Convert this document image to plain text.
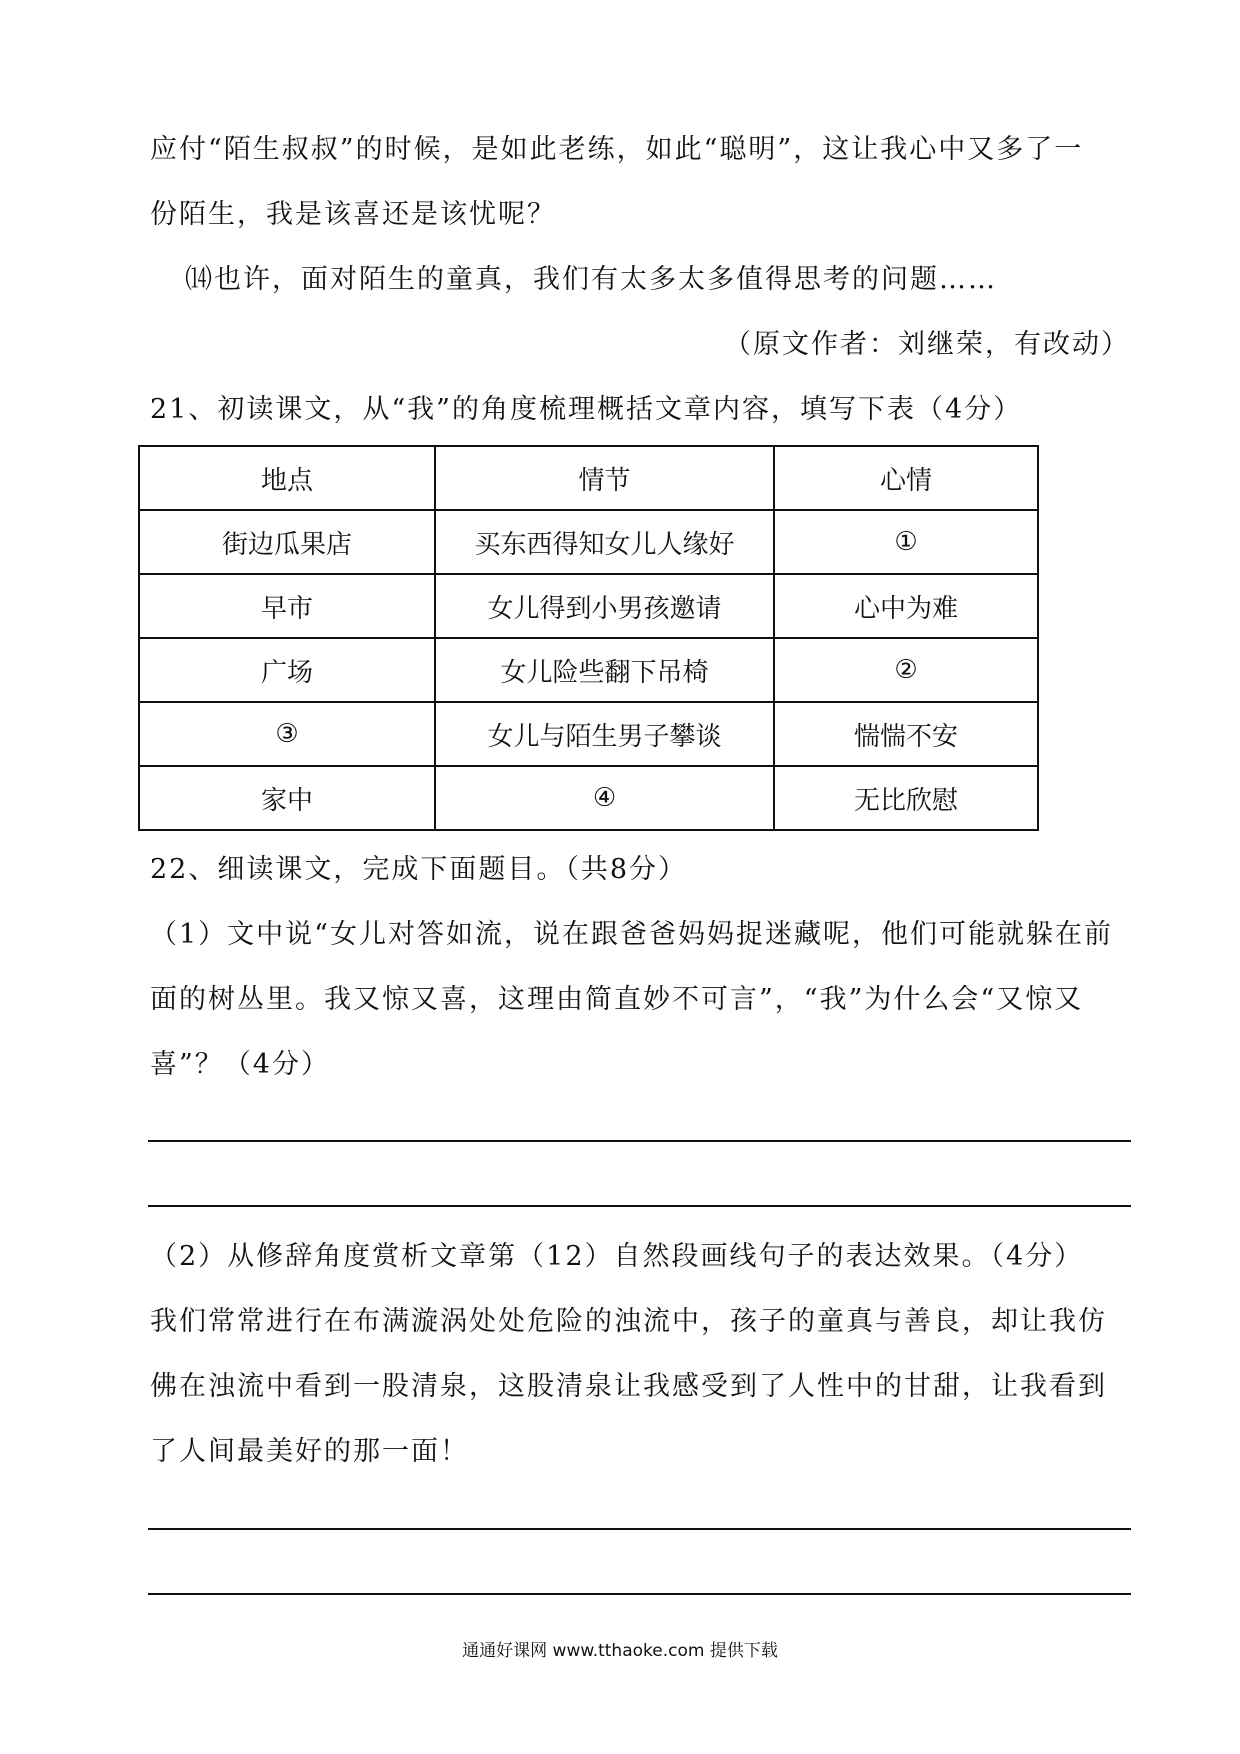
应付“陌生叔叔”的时候，是如此老练，如此“聪明”，这让我心中又多了一
份陌生，我是该喜还是该忧呢？
⒁也许，面对陌生的童真，我们有太多太多值得思考的问题……
（原文作者：刘继荣，有改动）
21、初读课文，从“我”的角度梳理概括文章内容，填写下表（4分）
地点	情节	心情
街边瓜果店	买东西得知女儿人缘好	①
早市	女儿得到小男孩邀请	心中为难
广场	女儿险些翻下吊椅	②
③	女儿与陌生男子攀谈	惴惴不安
家中	④	无比欣慰
22、细读课文，完成下面题目。（共8分）
（1）文中说“女儿对答如流，说在跟爸爸妈妈捉迷藏呢，他们可能就躲在前
面的树丛里。我又惊又喜，这理由简直妙不可言”，“我”为什么会“又惊又
喜”？（4分）
（2）从修辞角度赏析文章第（12）自然段画线句子的表达效果。（4分）
我们常常进行在布满漩涡处处危险的浊流中，孩子的童真与善良，却让我仿
佛在浊流中看到一股清泉，这股清泉让我感受到了人性中的甘甜，让我看到
了人间最美好的那一面！
通通好课网 www.tthaoke.com 提供下载
